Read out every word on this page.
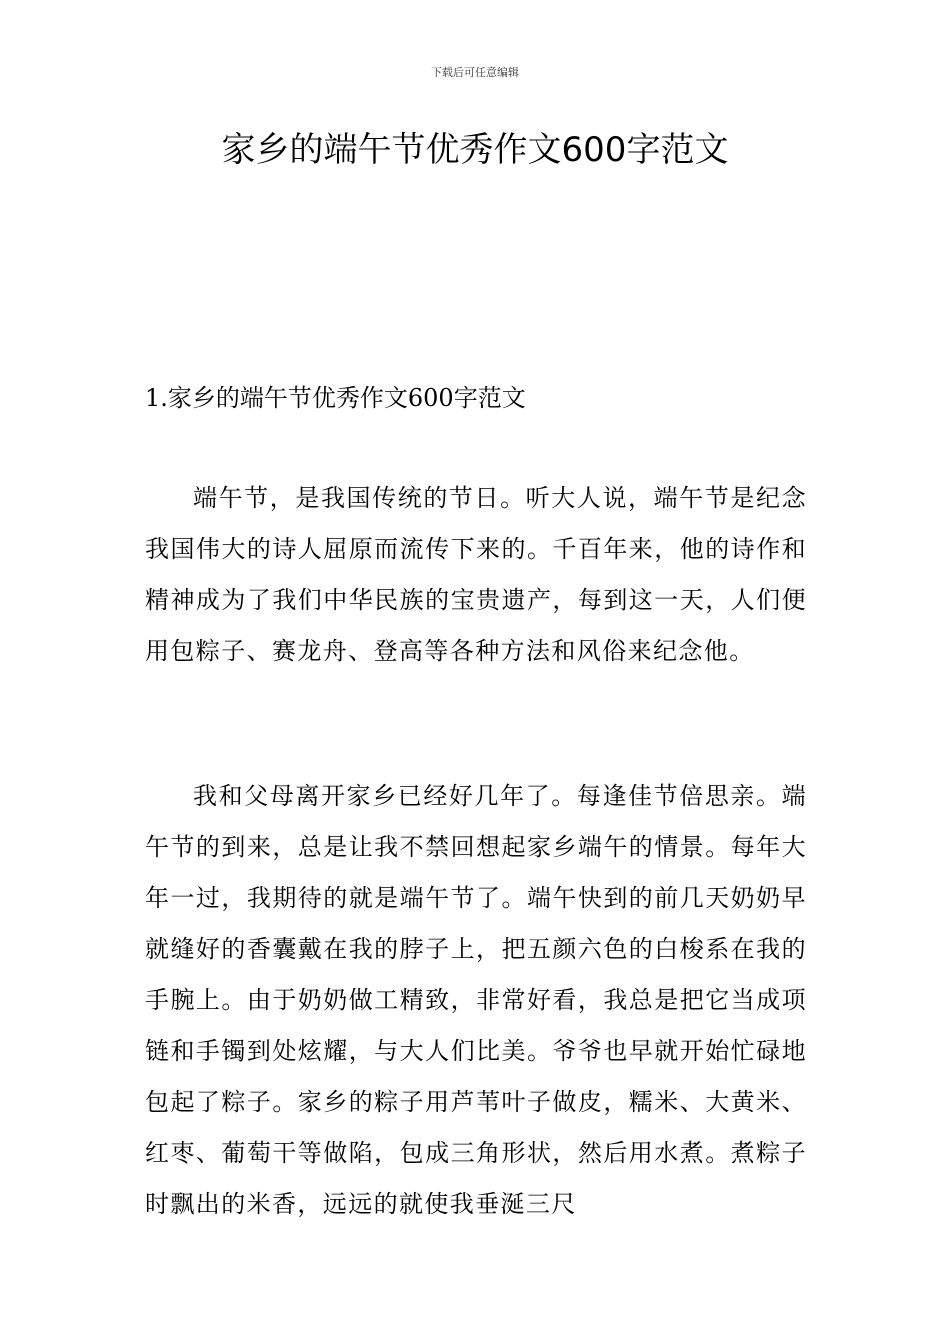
下载后可任意编辑
家乡的端午节优秀作文600字范文

1.家乡的端午节优秀作文600字范文

端午节，是我国传统的节日。听大人说，端午节是纪念我国伟大的诗人屈原而流传下来的。千百年来，他的诗作和精神成为了我们中华民族的宝贵遗产，每到这一天，人们便用包粽子、赛龙舟、登高等各种方法和风俗来纪念他。

我和父母离开家乡已经好几年了。每逢佳节倍思亲。端午节的到来，总是让我不禁回想起家乡端午的情景。每年大年一过，我期待的就是端午节了。端午快到的前几天奶奶早就缝好的香囊戴在我的脖子上，把五颜六色的白梭系在我的手腕上。由于奶奶做工精致，非常好看，我总是把它当成项链和手镯到处炫耀，与大人们比美。爷爷也早就开始忙碌地包起了粽子。家乡的粽子用芦苇叶子做皮，糯米、大黄米、红枣、葡萄干等做陷，包成三角形状，然后用水煮。煮粽子时飘出的米香，远远的就使我垂涎三尺
